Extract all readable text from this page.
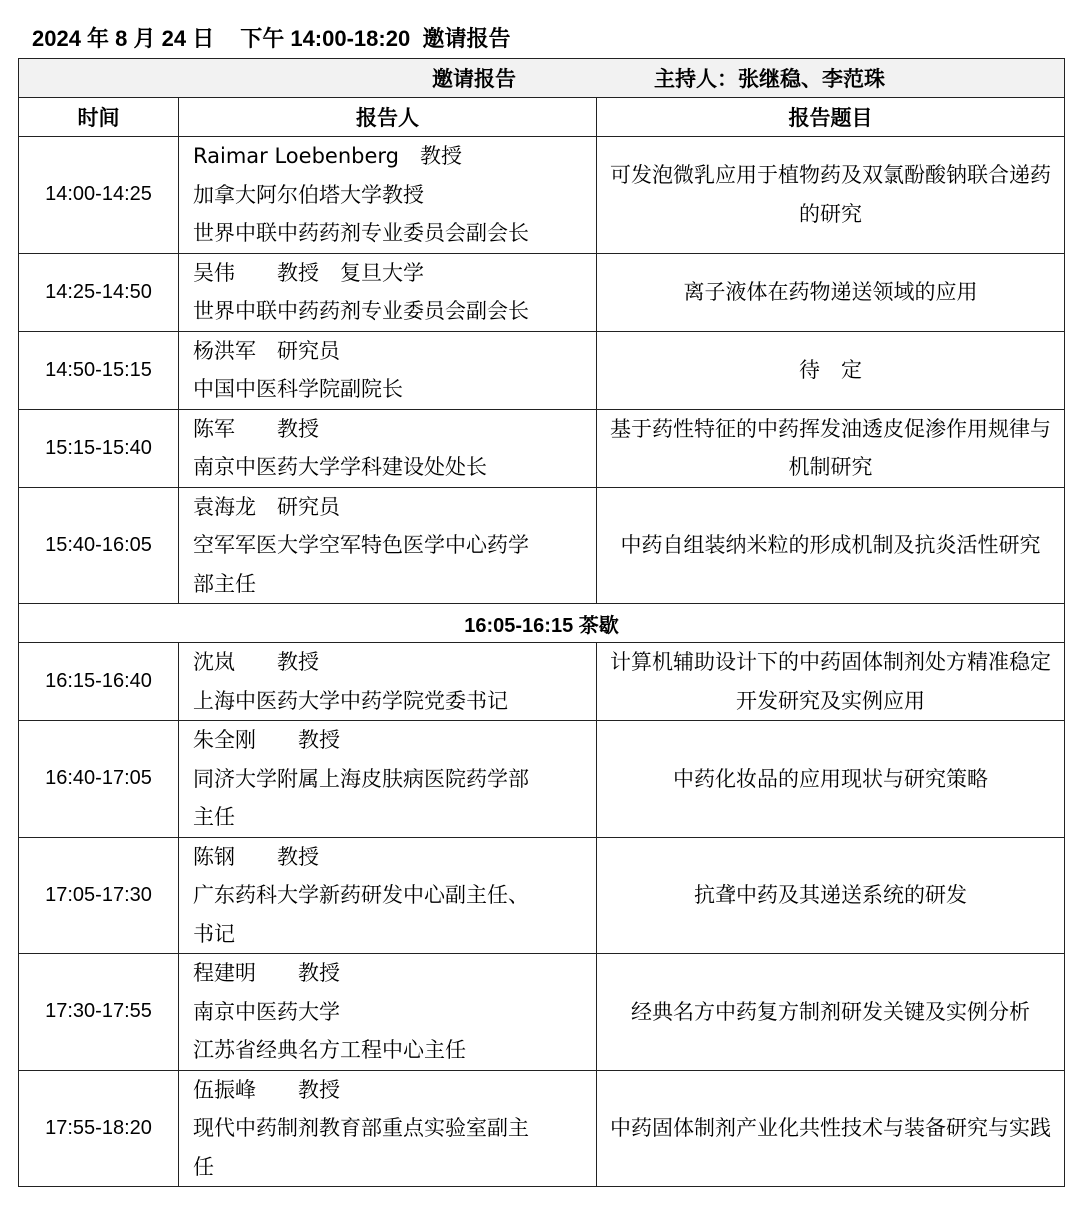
2024 年 8 月 24 日 下午 14:00-18:20 邀请报告
邀请报告 主持人：张继稳、李范珠		

时间	报告人	报告题目
14:00-14:25	Raimar Loebenberg　教授
加拿大阿尔伯塔大学教授
世界中联中药药剂专业委员会副会长	可发泡微乳应用于植物药及双氯酚酸钠联合递药的研究
14:25-14:50	吴伟　　教授　复旦大学
世界中联中药药剂专业委员会副会长	离子液体在药物递送领域的应用
14:50-15:15	杨洪军　研究员
中国中医科学院副院长	待　定
15:15-15:40	陈军　　教授
南京中医药大学学科建设处处长	基于药性特征的中药挥发油透皮促渗作用规律与机制研究
15:40-16:05	袁海龙　研究员
空军军医大学空军特色医学中心药学
部主任	中药自组装纳米粒的形成机制及抗炎活性研究
16:05-16:15 茶歇		
16:15-16:40	沈岚　　教授
上海中医药大学中药学院党委书记	计算机辅助设计下的中药固体制剂处方精准稳定开发研究及实例应用
16:40-17:05	朱全刚　　教授
同济大学附属上海皮肤病医院药学部
主任	中药化妆品的应用现状与研究策略
17:05-17:30	陈钢　　教授
广东药科大学新药研发中心副主任、
书记	抗聋中药及其递送系统的研发
17:30-17:55	程建明　　教授
南京中医药大学
江苏省经典名方工程中心主任	经典名方中药复方制剂研发关键及实例分析
17:55-18:20	伍振峰　　教授
现代中药制剂教育部重点实验室副主
任	中药固体制剂产业化共性技术与装备研究与实践
